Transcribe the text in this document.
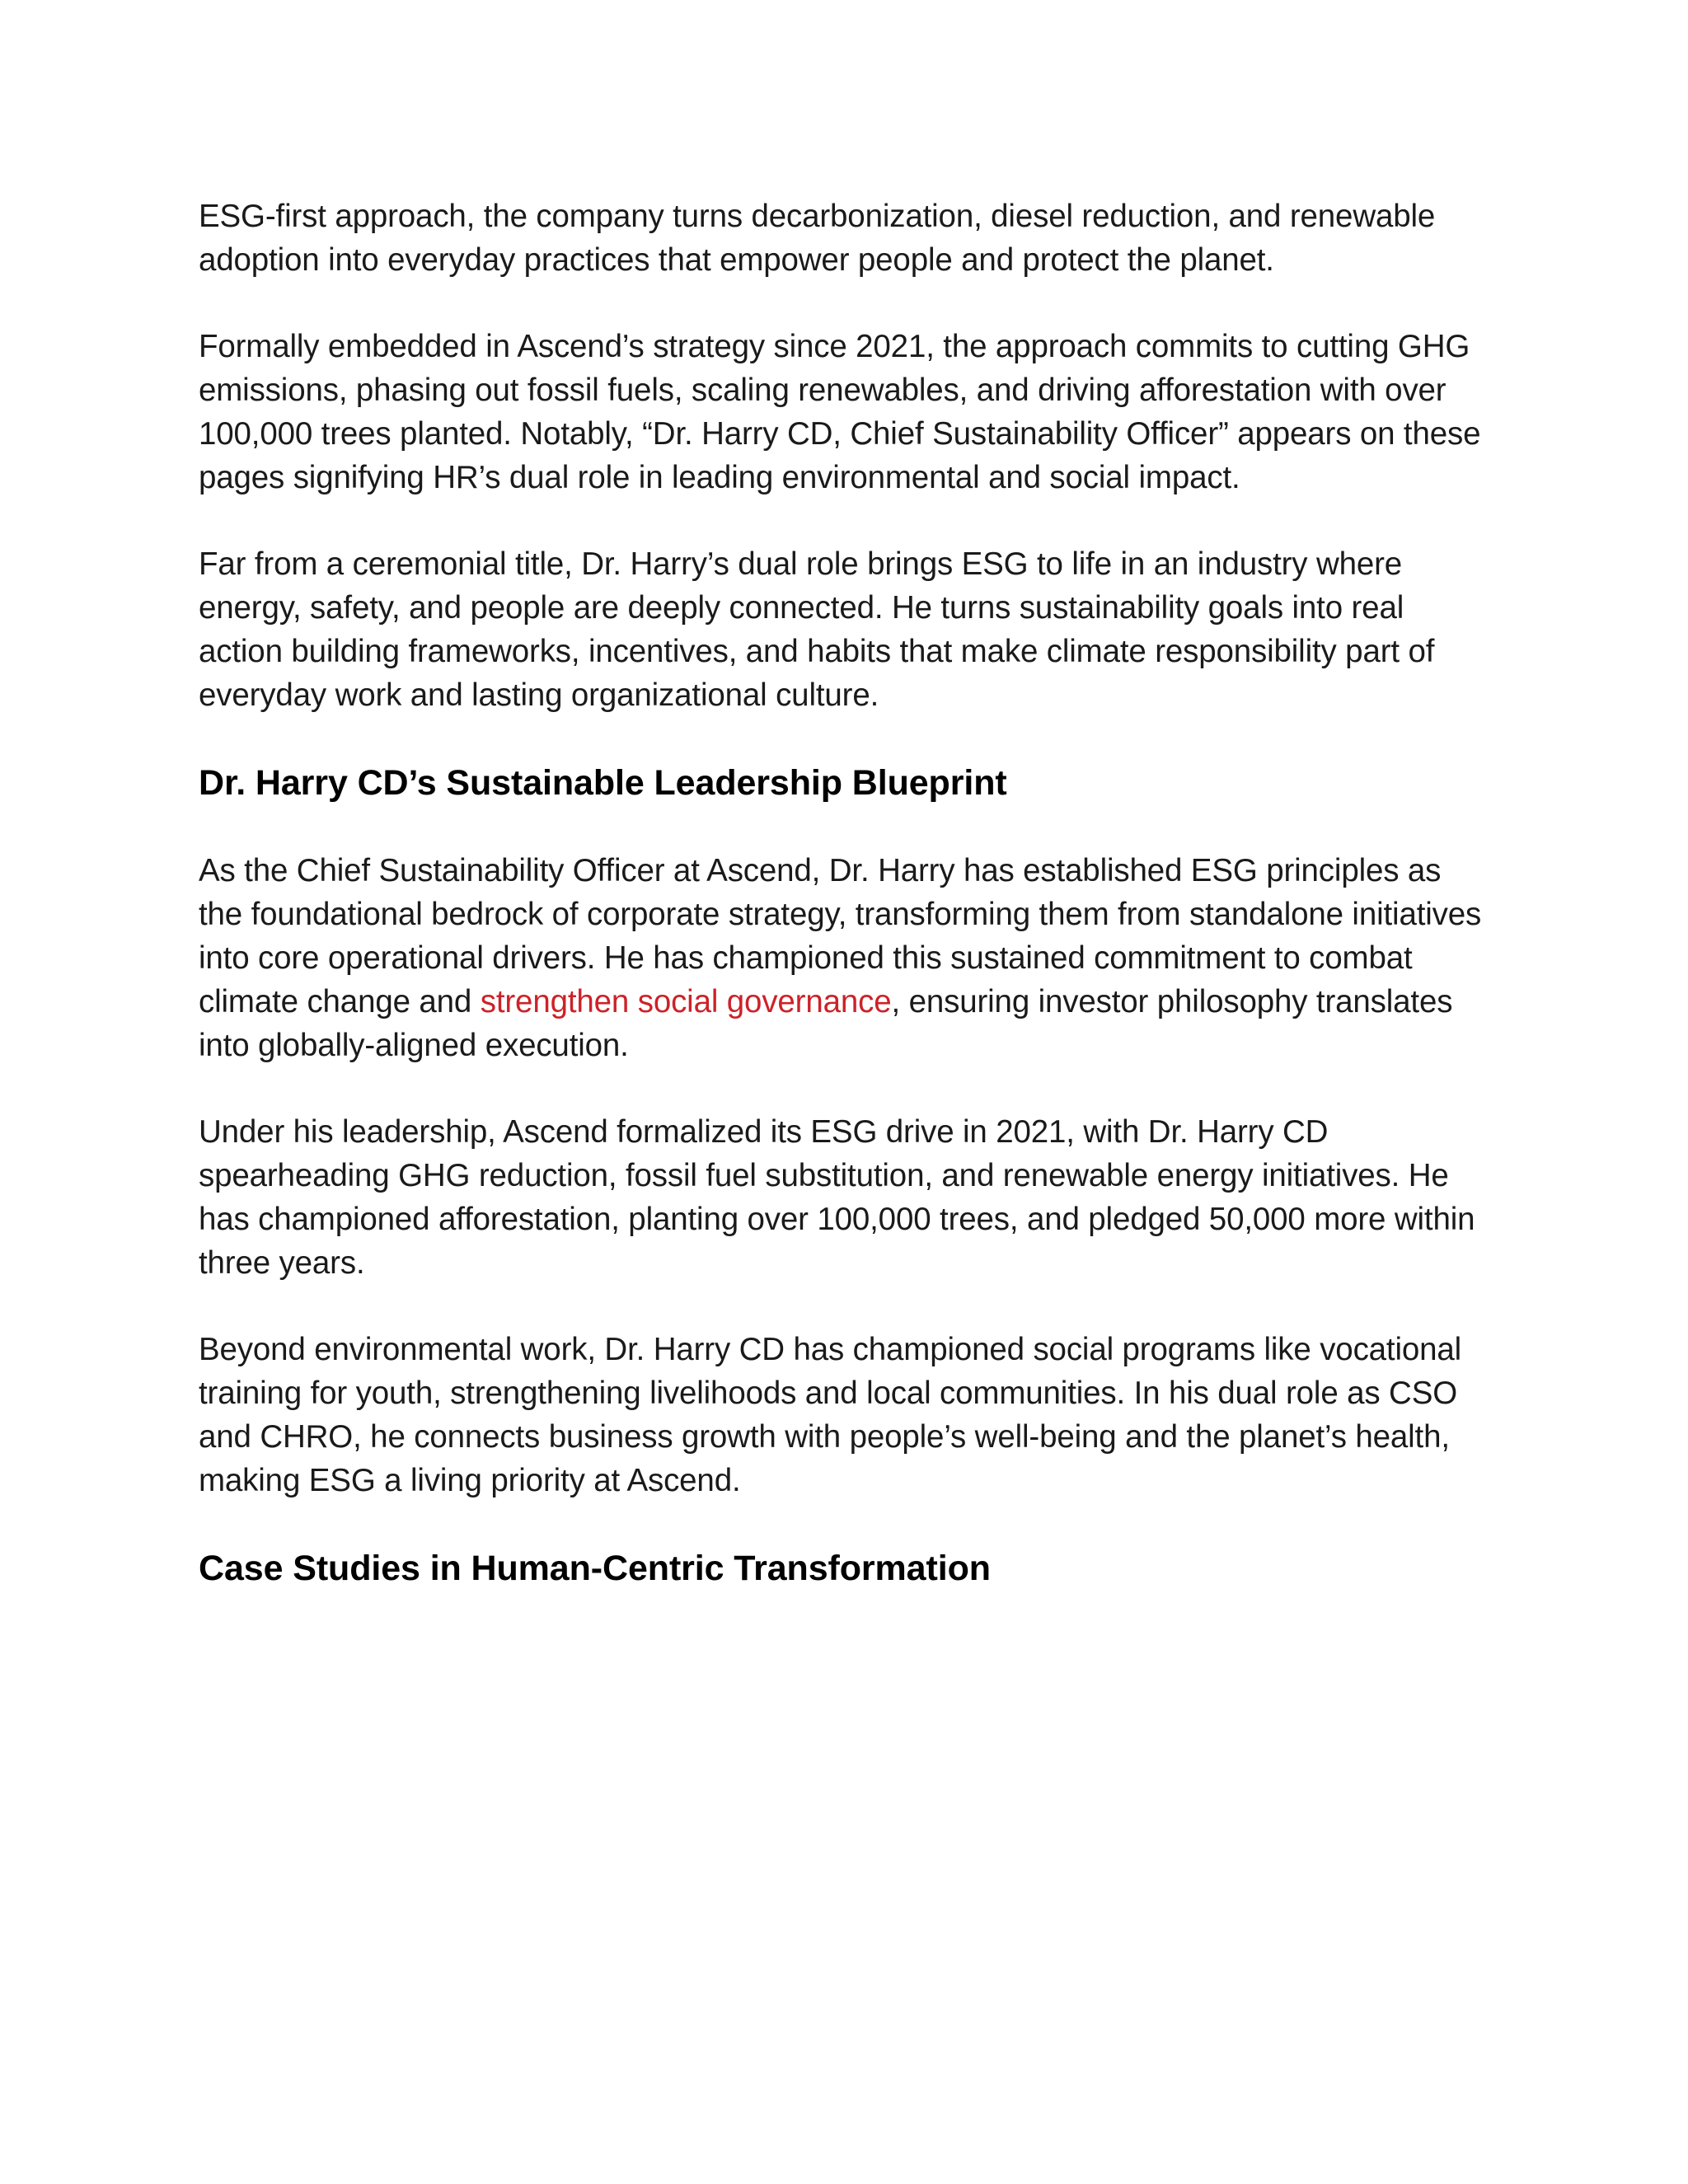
ESG-first approach, the company turns decarbonization, diesel reduction, and renewable adoption into everyday practices that empower people and protect the planet.

Formally embedded in Ascend’s strategy since 2021, the approach commits to cutting GHG emissions, phasing out fossil fuels, scaling renewables, and driving afforestation with over 100,000 trees planted. Notably, “Dr. Harry CD, Chief Sustainability Officer” appears on these pages signifying HR’s dual role in leading environmental and social impact.

Far from a ceremonial title, Dr. Harry’s dual role brings ESG to life in an industry where energy, safety, and people are deeply connected. He turns sustainability goals into real action building frameworks, incentives, and habits that make climate responsibility part of everyday work and lasting organizational culture.

Dr. Harry CD’s Sustainable Leadership Blueprint

As the Chief Sustainability Officer at Ascend, Dr. Harry has established ESG principles as the foundational bedrock of corporate strategy, transforming them from standalone initiatives into core operational drivers. He has championed this sustained commitment to combat climate change and strengthen social governance, ensuring investor philosophy translates into globally-aligned execution.

Under his leadership, Ascend formalized its ESG drive in 2021, with Dr. Harry CD spearheading GHG reduction, fossil fuel substitution, and renewable energy initiatives. He has championed afforestation, planting over 100,000 trees, and pledged 50,000 more within three years.

Beyond environmental work, Dr. Harry CD has championed social programs like vocational training for youth, strengthening livelihoods and local communities. In his dual role as CSO and CHRO, he connects business growth with people’s well-being and the planet’s health, making ESG a living priority at Ascend.

Case Studies in Human-Centric Transformation
